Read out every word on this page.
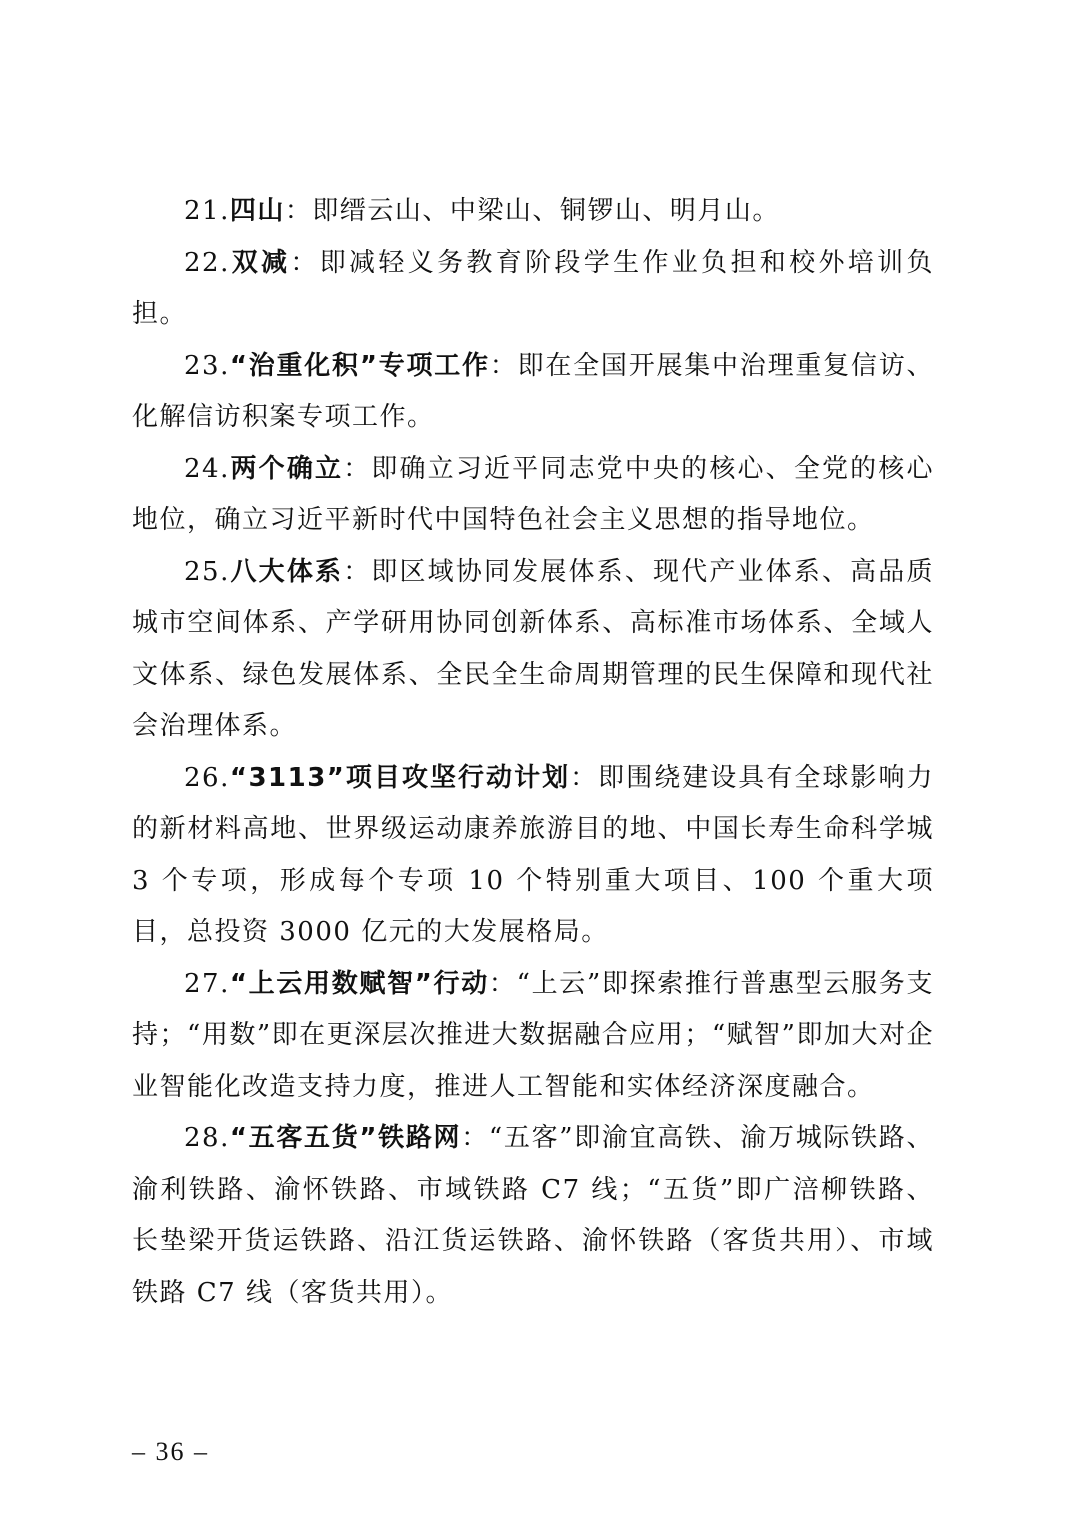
21.四山：即缙云山、中梁山、铜锣山、明月山。

22.双减：即减轻义务教育阶段学生作业负担和校外培训负担。

23.“治重化积”专项工作：即在全国开展集中治理重复信访、化解信访积案专项工作。

24.两个确立：即确立习近平同志党中央的核心、全党的核心地位，确立习近平新时代中国特色社会主义思想的指导地位。

25.八大体系：即区域协同发展体系、现代产业体系、高品质城市空间体系、产学研用协同创新体系、高标准市场体系、全域人文体系、绿色发展体系、全民全生命周期管理的民生保障和现代社会治理体系。

26.“3113”项目攻坚行动计划：即围绕建设具有全球影响力的新材料高地、世界级运动康养旅游目的地、中国长寿生命科学城 3 个专项，形成每个专项 10 个特别重大项目、100 个重大项目，总投资 3000 亿元的大发展格局。

27.“上云用数赋智”行动：“上云”即探索推行普惠型云服务支持；“用数”即在更深层次推进大数据融合应用；“赋智”即加大对企业智能化改造支持力度，推进人工智能和实体经济深度融合。

28.“五客五货”铁路网：“五客”即渝宜高铁、渝万城际铁路、渝利铁路、渝怀铁路、市域铁路 C7 线；“五货”即广涪柳铁路、长垫梁开货运铁路、沿江货运铁路、渝怀铁路（客货共用）、市域铁路 C7 线（客货共用）。

– 36 –
